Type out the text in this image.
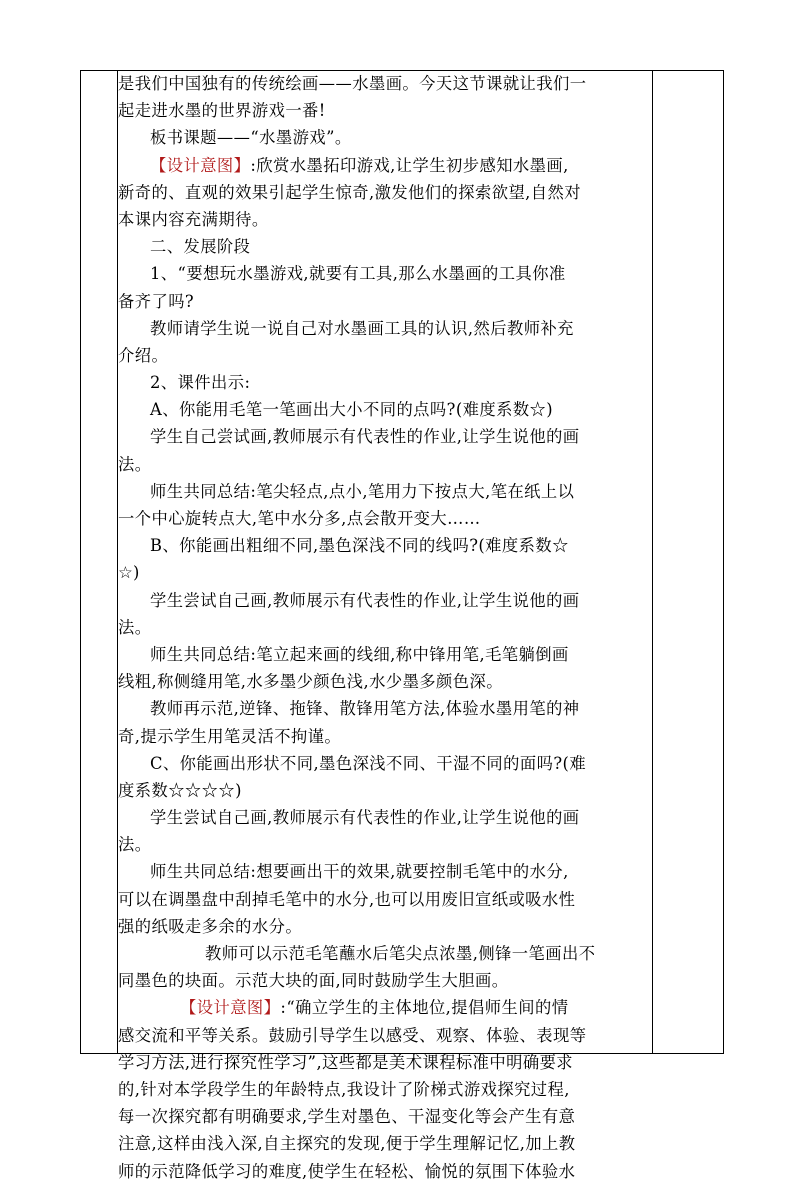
是我们中国独有的传统绘画——水墨画。今天这节课就让我们一
起走进水墨的世界游戏一番!
板书课题——“水墨游戏”。
【设计意图】:欣赏水墨拓印游戏,让学生初步感知水墨画,
新奇的、直观的效果引起学生惊奇,激发他们的探索欲望,自然对
本课内容充满期待。
二、发展阶段
1、“要想玩水墨游戏,就要有工具,那么水墨画的工具你准
备齐了吗?
教师请学生说一说自己对水墨画工具的认识,然后教师补充
介绍。
2、课件出示:
A、你能用毛笔一笔画出大小不同的点吗?(难度系数☆)
学生自己尝试画,教师展示有代表性的作业,让学生说他的画
法。
师生共同总结:笔尖轻点,点小,笔用力下按点大,笔在纸上以
一个中心旋转点大,笔中水分多,点会散开变大……
B、你能画出粗细不同,墨色深浅不同的线吗?(难度系数☆
☆)
学生尝试自己画,教师展示有代表性的作业,让学生说他的画
法。
师生共同总结:笔立起来画的线细,称中锋用笔,毛笔躺倒画
线粗,称侧缝用笔,水多墨少颜色浅,水少墨多颜色深。
教师再示范,逆锋、拖锋、散锋用笔方法,体验水墨用笔的神
奇,提示学生用笔灵活不拘谨。
C、你能画出形状不同,墨色深浅不同、干湿不同的面吗?(难
度系数☆☆☆☆)
学生尝试自己画,教师展示有代表性的作业,让学生说他的画
法。
师生共同总结:想要画出干的效果,就要控制毛笔中的水分,
可以在调墨盘中刮掉毛笔中的水分,也可以用废旧宣纸或吸水性
强的纸吸走多余的水分。
教师可以示范毛笔蘸水后笔尖点浓墨,侧锋一笔画出不
同墨色的块面。示范大块的面,同时鼓励学生大胆画。
【设计意图】:“确立学生的主体地位,提倡师生间的情
感交流和平等关系。鼓励引导学生以感受、观察、体验、表现等
学习方法,进行探究性学习”,这些都是美术课程标准中明确要求
的,针对本学段学生的年龄特点,我设计了阶梯式游戏探究过程,
每一次探究都有明确要求,学生对墨色、干湿变化等会产生有意
注意,这样由浅入深,自主探究的发现,便于学生理解记忆,加上教
师的示范降低学习的难度,使学生在轻松、愉悦的氛围下体验水
